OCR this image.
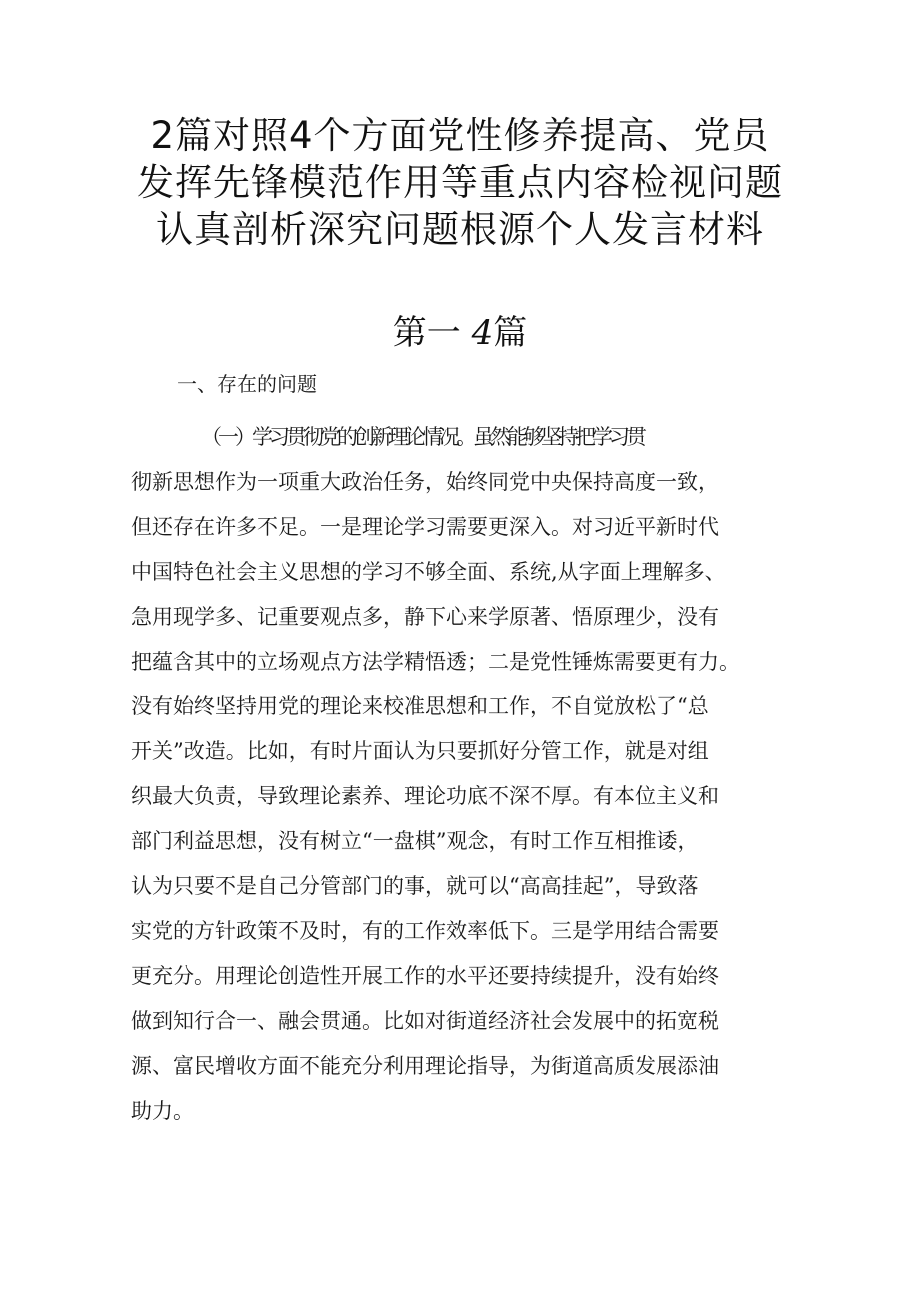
2篇对照4个方面党性修养提高、党员
发挥先锋模范作用等重点内容检视问题
认真剖析深究问题根源个人发言材料
第一 4篇
一、存在的问题
（一）学习贯彻党的创新理论情况。虽然能够坚持把学习贯
彻新思想作为一项重大政治任务，始终同党中央保持高度一致，
但还存在许多不足。一是理论学习需要更深入。对习近平新时代
中国特色社会主义思想的学习不够全面、系统,从字面上理解多、
急用现学多、记重要观点多，静下心来学原著、悟原理少，没有
把蕴含其中的立场观点方法学精悟透；二是党性锤炼需要更有力。
没有始终坚持用党的理论来校准思想和工作，不自觉放松了“总
开关”改造。比如，有时片面认为只要抓好分管工作，就是对组
织最大负责，导致理论素养、理论功底不深不厚。有本位主义和
部门利益思想，没有树立“一盘棋”观念，有时工作互相推诿，
认为只要不是自己分管部门的事，就可以“高高挂起”，导致落
实党的方针政策不及时，有的工作效率低下。三是学用结合需要
更充分。用理论创造性开展工作的水平还要持续提升，没有始终
做到知行合一、融会贯通。比如对街道经济社会发展中的拓宽税
源、富民增收方面不能充分利用理论指导，为街道高质发展添油
助力。
